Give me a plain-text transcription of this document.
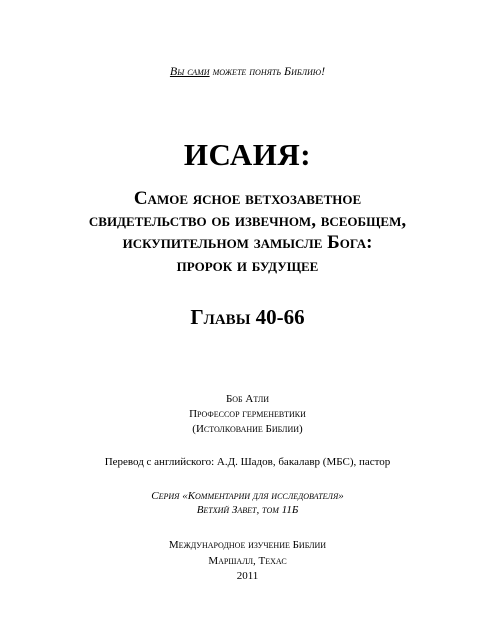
Вы сами можете понять Библию!
ИСАИЯ:
Самое ясное ветхозаветное
свидетельство об извечном, всеобщем,
искупительном замысле Бога:
пророк и будущее
Главы 40-66
Боб Атли
Профессор герменевтики
(Истолкование Библии)
Перевод с английского: А.Д. Шадов, бакалавр (МБС), пастор
Серия «Комментарии для исследователя»
Ветхий Завет, том 11Б
Международное изучение Библии
Маршалл, Техас
2011
